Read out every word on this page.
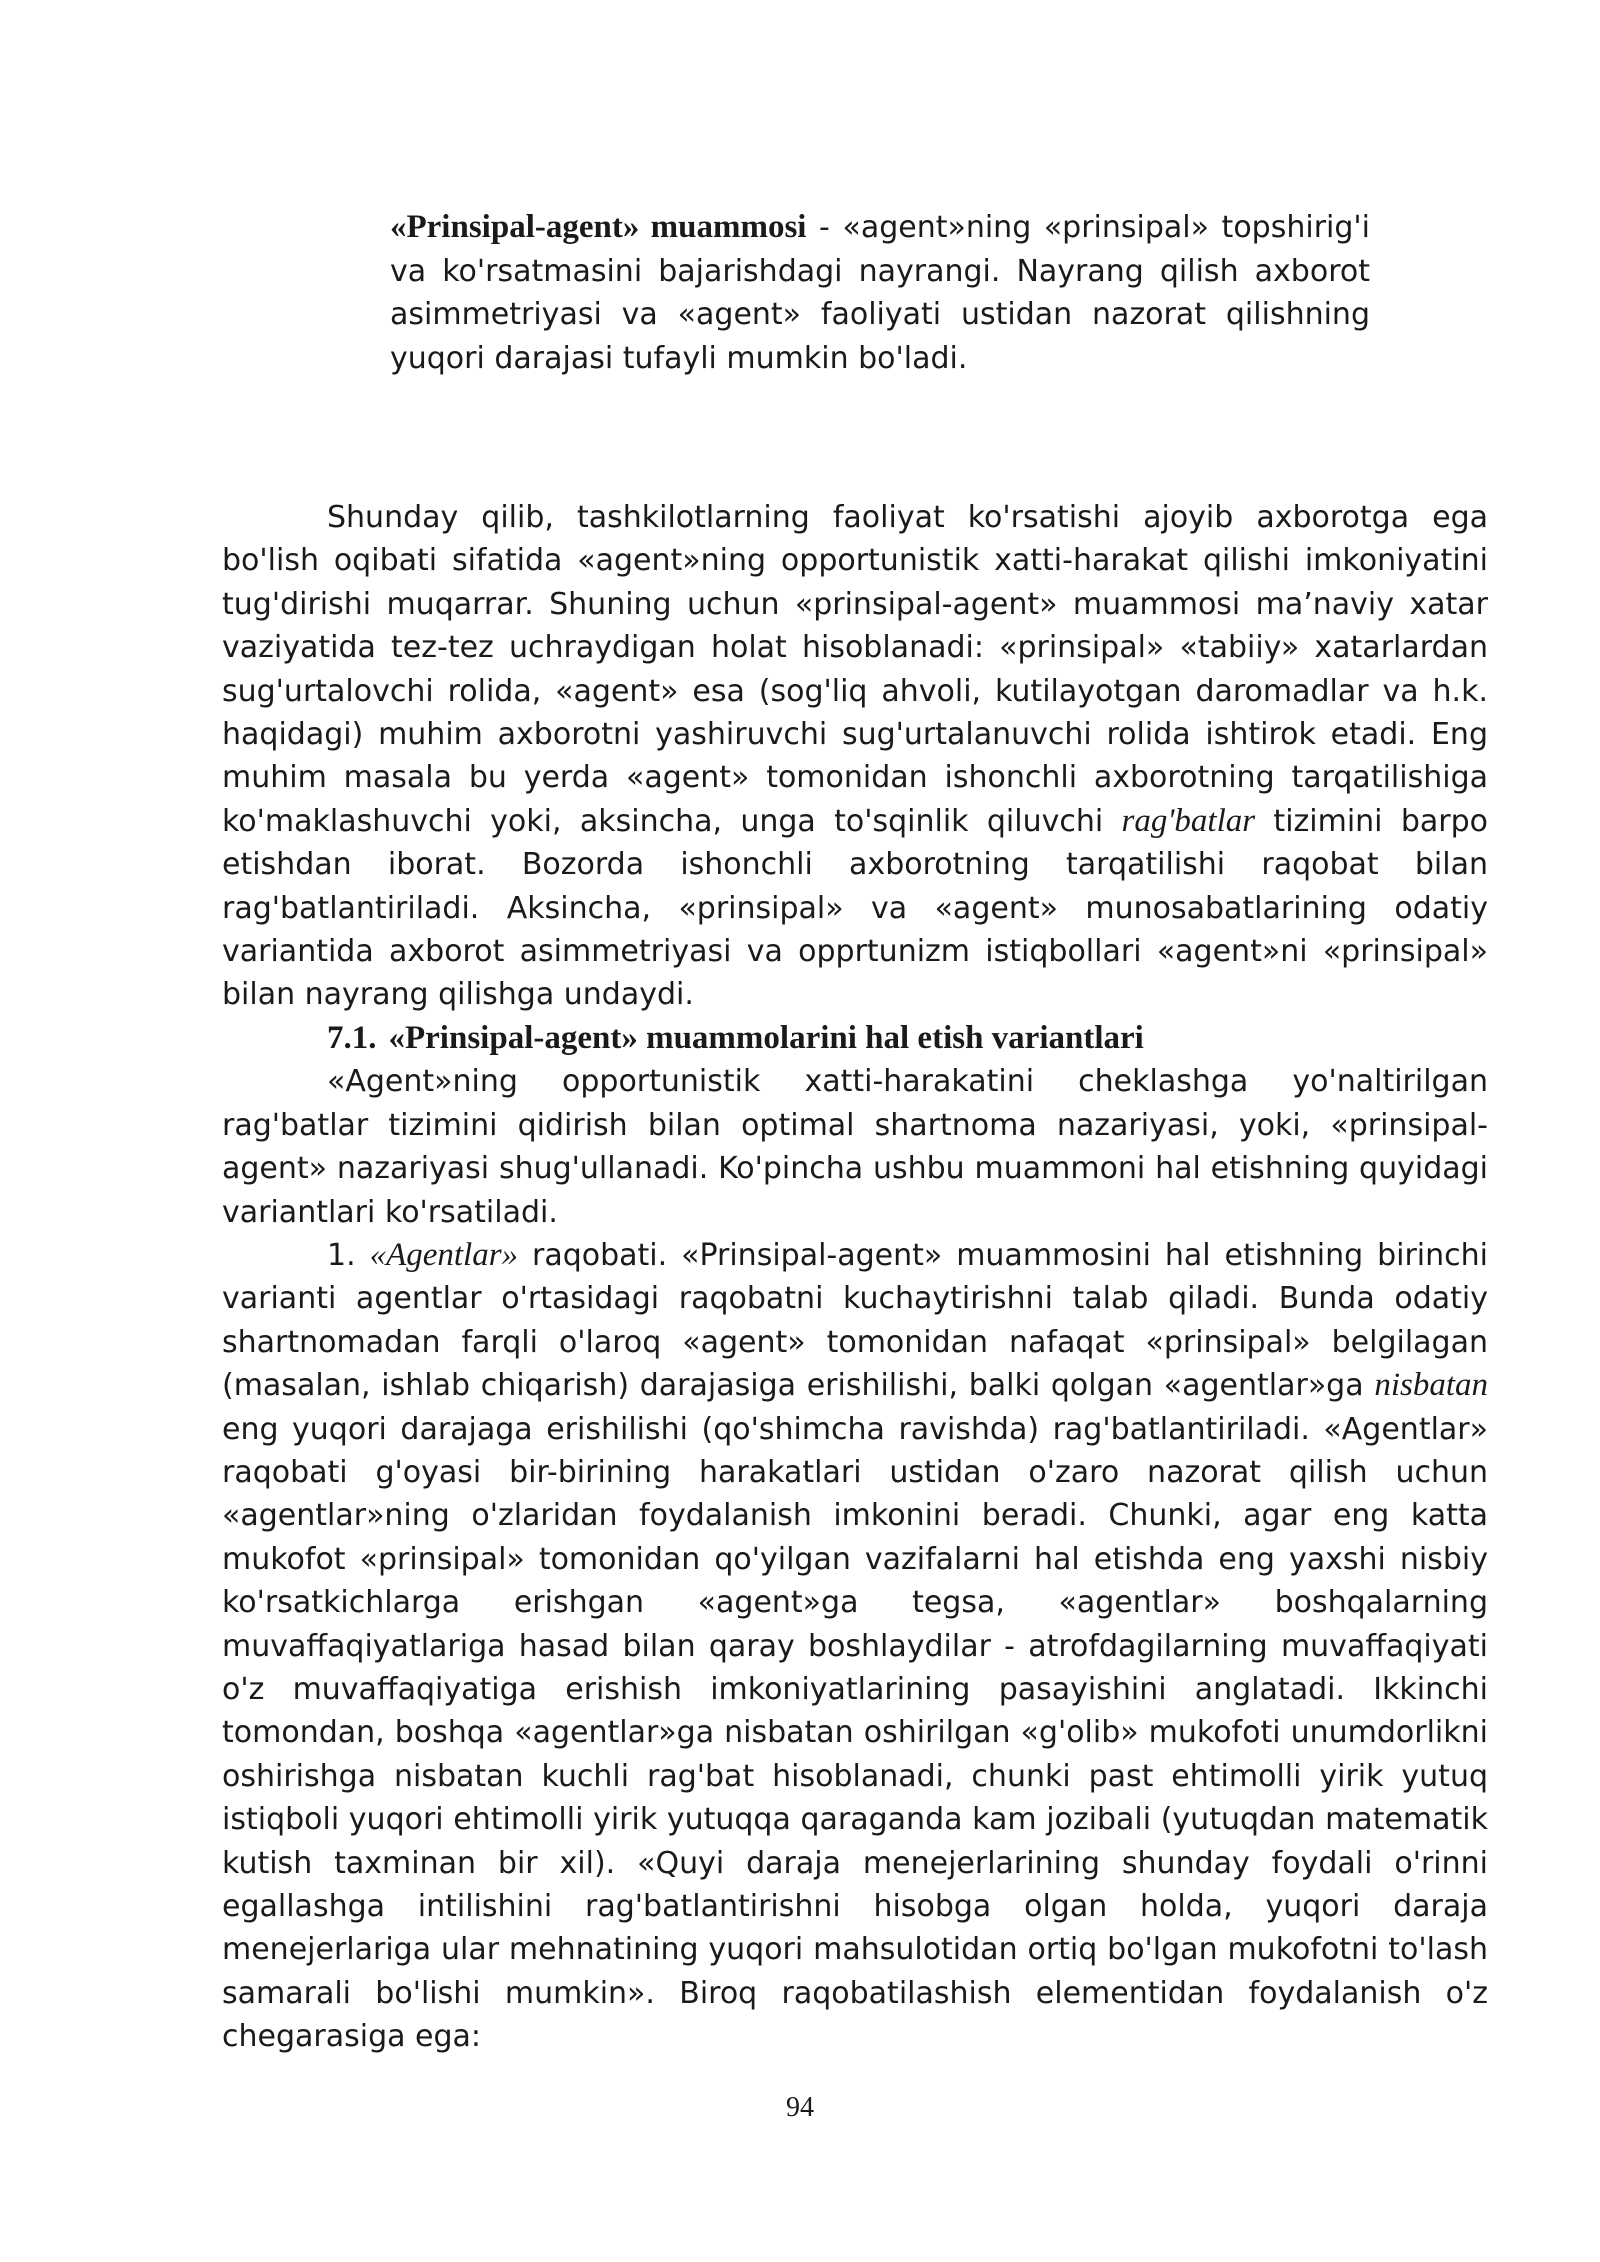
«Prinsipal-agent» muammosi - «agent»ning «prinsipal» topshirig'i va ko'rsatmasini bajarishdagi nayrangi. Nayrang qilish axborot asimmetriyasi va «agent» faoliyati ustidan nazorat qilishning yuqori darajasi tufayli mumkin bo'ladi.

Shunday qilib, tashkilotlarning faoliyat ko'rsatishi ajoyib axborotga ega bo'lish oqibati sifatida «agent»ning opportunistik xatti-harakat qilishi imkoniyatini tug'dirishi muqarrar. Shuning uchun «prinsipal-agent» muammosi ma’naviy xatar vaziyatida tez-tez uchraydigan holat hisoblanadi: «prinsipal» «tabiiy» xatarlardan sug'urtalovchi rolida, «agent» esa (sog'liq ahvoli, kutilayotgan daromadlar va h.k. haqidagi) muhim axborotni yashiruvchi sug'urtalanuvchi rolida ishtirok etadi. Eng muhim masala bu yerda «agent» tomonidan ishonchli axborotning tarqatilishiga ko'maklashuvchi yoki, aksincha, unga to'sqinlik qiluvchi rag'batlar tizimini barpo etishdan iborat. Bozorda ishonchli axborotning tarqatilishi raqobat bilan rag'batlantiriladi. Aksincha, «prinsipal» va «agent» munosabatlarining odatiy variantida axborot asimmetriyasi va opprtunizm istiqbollari «agent»ni «prinsipal» bilan nayrang qilishga undaydi.

7.1. «Prinsipal-agent» muammolarini hal etish variantlari

«Agent»ning opportunistik xatti-harakatini cheklashga yo'naltirilgan rag'batlar tizimini qidirish bilan optimal shartnoma nazariyasi, yoki, «prinsipal-agent» nazariyasi shug'ullanadi. Ko'pincha ushbu muammoni hal etishning quyidagi variantlari ko'rsatiladi.

1. «Agentlar» raqobati. «Prinsipal-agent» muammosini hal etishning birinchi varianti agentlar o'rtasidagi raqobatni kuchaytirishni talab qiladi. Bunda odatiy shartnomadan farqli o'laroq «agent» tomonidan nafaqat «prinsipal» belgilagan (masalan, ishlab chiqarish) darajasiga erishilishi, balki qolgan «agentlar»ga nisbatan eng yuqori darajaga erishilishi (qo'shimcha ravishda) rag'batlantiriladi. «Agentlar» raqobati g'oyasi bir-birining harakatlari ustidan o'zaro nazorat qilish uchun «agentlar»ning o'zlaridan foydalanish imkonini beradi. Chunki, agar eng katta mukofot «prinsipal» tomonidan qo'yilgan vazifalarni hal etishda eng yaxshi nisbiy ko'rsatkichlarga erishgan «agent»ga tegsa, «agentlar» boshqalarning muvaffaqiyatlariga hasad bilan qaray boshlaydilar - atrofdagilarning muvaffaqiyati o'z muvaffaqiyatiga erishish imkoniyatlarining pasayishini anglatadi. Ikkinchi tomondan, boshqa «agentlar»ga nisbatan oshirilgan «g'olib» mukofoti unumdorlikni oshirishga nisbatan kuchli rag'bat hisoblanadi, chunki past ehtimolli yirik yutuq istiqboli yuqori ehtimolli yirik yutuqqa qaraganda kam jozibali (yutuqdan matematik kutish taxminan bir xil). «Quyi daraja menejerlarining shunday foydali o'rinni egallashga intilishini rag'batlantirishni hisobga olgan holda, yuqori daraja menejerlariga ular mehnatining yuqori mahsulotidan ortiq bo'lgan mukofotni to'lash samarali bo'lishi mumkin». Biroq raqobatilashish elementidan foydalanish o'z chegarasiga ega:

94
